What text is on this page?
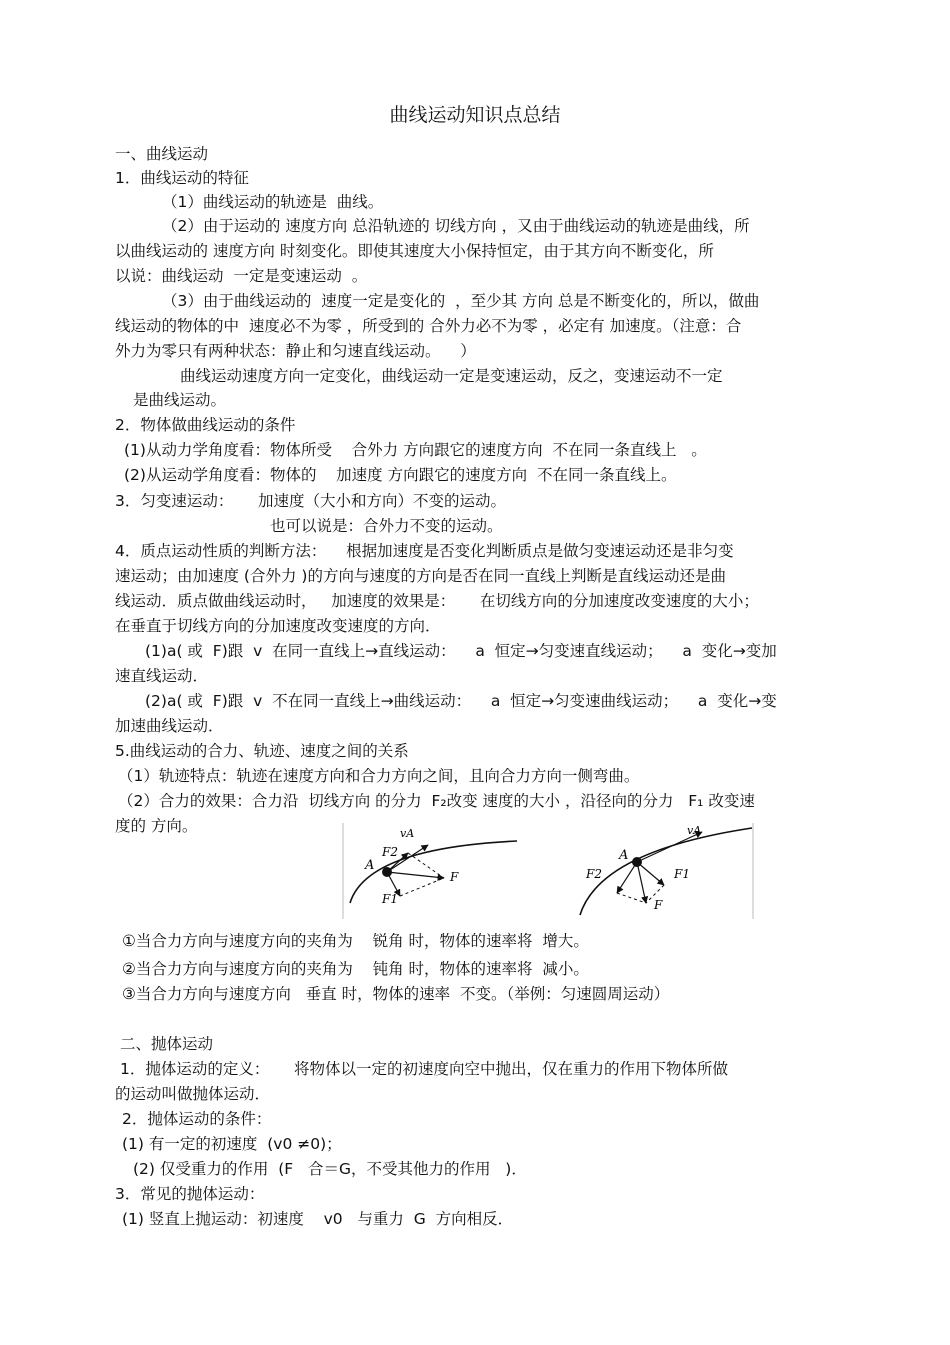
曲线运动知识点总结
一、曲线运动
1．曲线运动的特征
（1）曲线运动的轨迹是  曲线。
（2）由于运动的 速度方向 总沿轨迹的 切线方向 ，又由于曲线运动的轨迹是曲线，所
以曲线运动的 速度方向 时刻变化。即使其速度大小保持恒定，由于其方向不断变化，所
以说：曲线运动  一定是变速运动  。
（3）由于曲线运动的  速度一定是变化的  ，至少其 方向 总是不断变化的，所以，做曲
线运动的物体的中  速度必不为零 ，所受到的 合外力必不为零 ，必定有 加速度。（注意：合
外力为零只有两种状态：静止和匀速直线运动。    ）
曲线运动速度方向一定变化，曲线运动一定是变速运动，反之，变速运动不一定
是曲线运动。
2．物体做曲线运动的条件
(1)从动力学角度看：物体所受    合外力 方向跟它的速度方向  不在同一条直线上   。
(2)从运动学角度看：物体的    加速度 方向跟它的速度方向  不在同一条直线上。
3．匀变速运动：     加速度（大小和方向）不变的运动。
也可以说是：合外力不变的运动。
4．质点运动性质的判断方法：    根据加速度是否变化判断质点是做匀变速运动还是非匀变
速运动；由加速度 (合外力 )的方向与速度的方向是否在同一直线上判断是直线运动还是曲
线运动．质点做曲线运动时，   加速度的效果是：     在切线方向的分加速度改变速度的大小；
在垂直于切线方向的分加速度改变速度的方向．
(1)a( 或  F)跟  v  在同一直线上→直线运动：    a  恒定→匀变速直线运动；    a  变化→变加
速直线运动．
(2)a( 或  F)跟  v  不在同一直线上→曲线运动：    a  恒定→匀变速曲线运动；    a  变化→变
加速曲线运动．
5.曲线运动的合力、轨迹、速度之间的关系
（1）轨迹特点：轨迹在速度方向和合力方向之间，且向合力方向一侧弯曲。
（2）合力的效果：合力沿  切线方向 的分力  F₂改变 速度的大小 ，沿径向的分力   F₁ 改变速
度的 方向。	vA
A
F2
F1
F
vA
A
F2	F1
F
①当合力方向与速度方向的夹角为    锐角 时，物体的速率将  增大。
②当合力方向与速度方向的夹角为    钝角 时，物体的速率将  减小。
③当合力方向与速度方向   垂直 时，物体的速率  不变。（举例：匀速圆周运动）
二、抛体运动
1．抛体运动的定义：     将物体以一定的初速度向空中抛出，仅在重力的作用下物体所做
的运动叫做抛体运动．
2．抛体运动的条件：
(1) 有一定的初速度  (v0 ≠0)；
(2) 仅受重力的作用  (F   合＝G，不受其他力的作用   )．
3．常见的抛体运动：
(1) 竖直上抛运动：初速度    v0   与重力  G  方向相反．
